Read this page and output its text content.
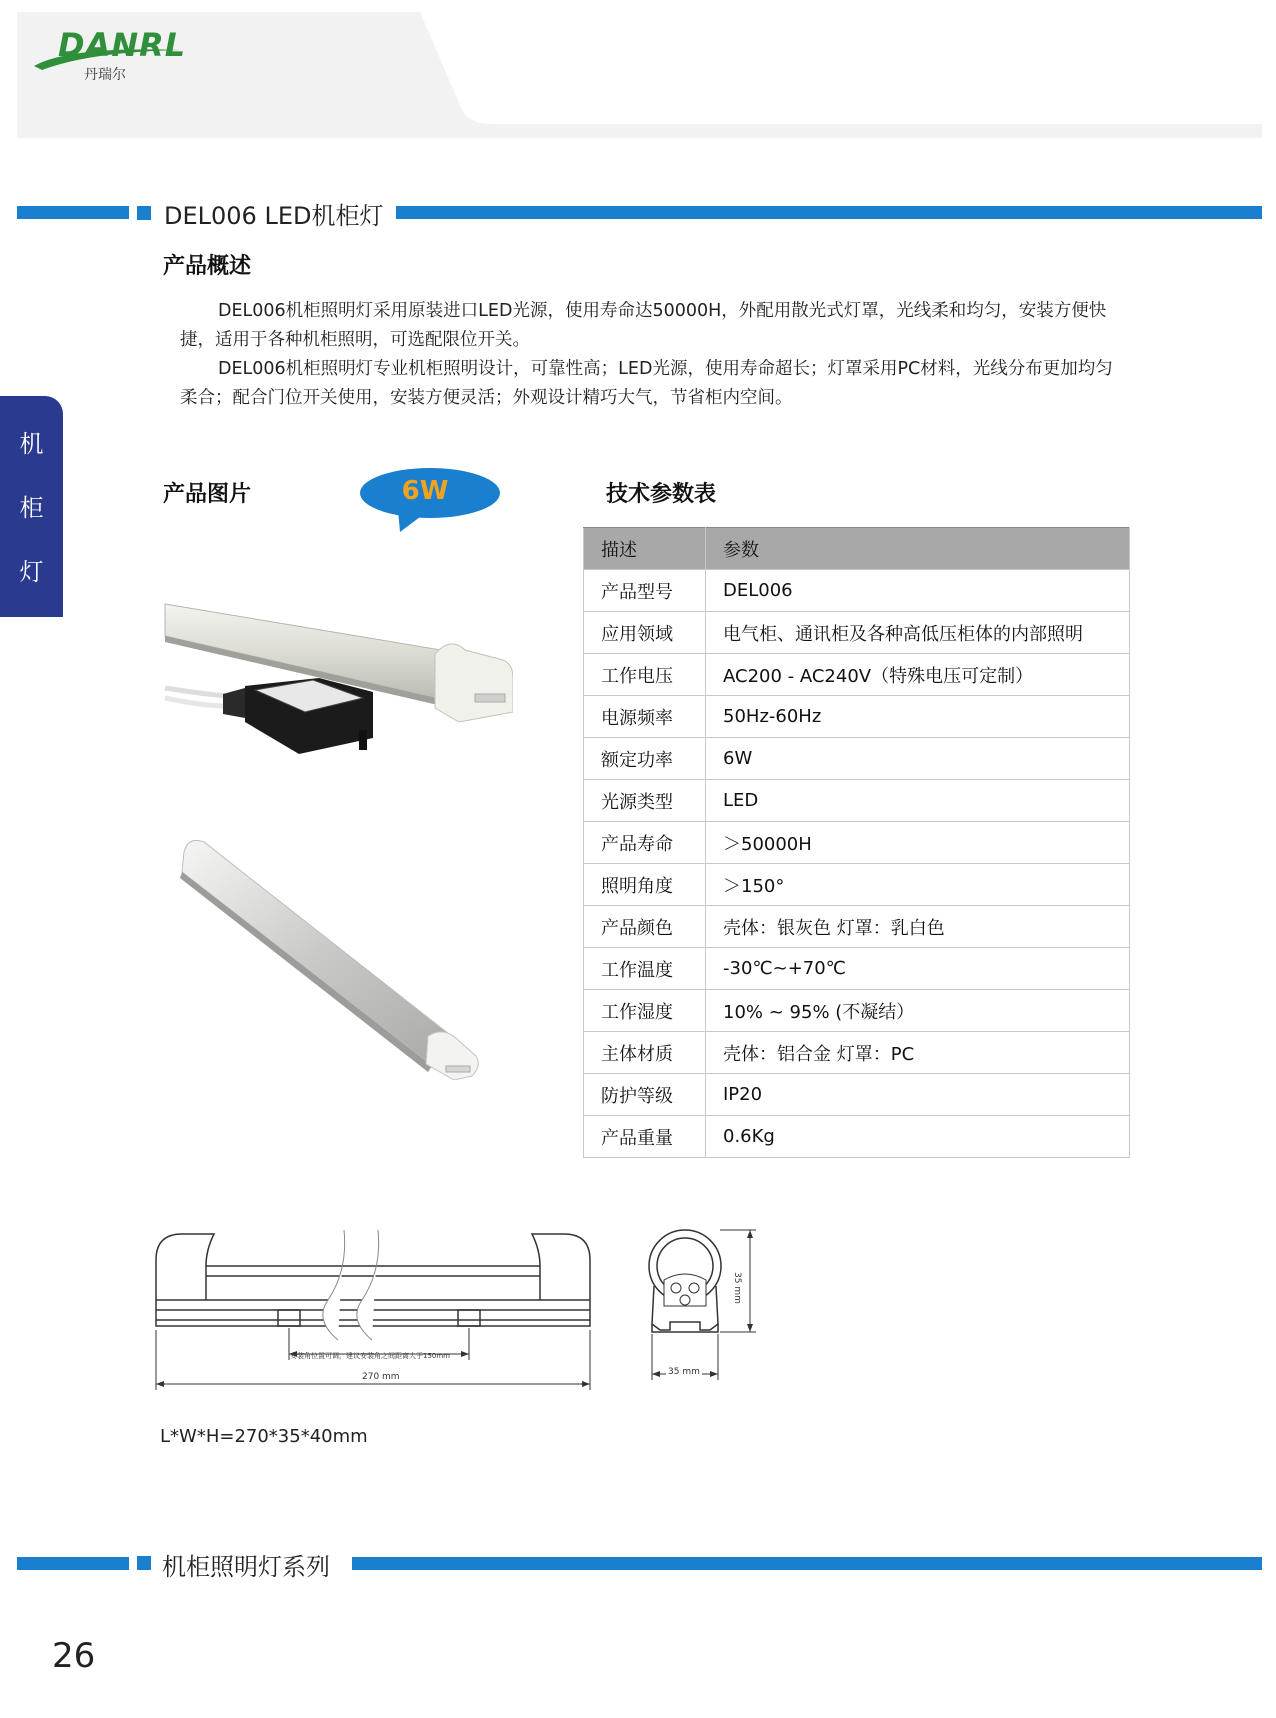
DANRL
丹瑞尔
DEL006 LED机柜灯
产品概述

DEL006机柜照明灯采用原装进口LED光源，使用寿命达50000H，外配用散光式灯罩，光线柔和均匀，安装方便快捷，适用于各种机柜照明，可选配限位开关。

DEL006机柜照明灯专业机柜照明设计，可靠性高；LED光源，使用寿命超长；灯罩采用PC材料，光线分布更加均匀柔合；配合门位开关使用，安装方便灵活；外观设计精巧大气，节省柜内空间。

机
柜
灯
产品图片	6W	技术参数表
描述	参数
产品型号	DEL006
应用领域	电气柜、通讯柜及各种高低压柜体的内部照明
工作电压	AC200 - AC240V（特殊电压可定制）
电源频率	50Hz-60Hz
额定功率	6W
光源类型	LED
产品寿命	＞50000H
照明角度	＞150°
产品颜色	壳体：银灰色 灯罩：乳白色
工作温度	-30℃~+70℃
工作湿度	10% ~ 95% (不凝结）
主体材质	壳体：铝合金 灯罩：PC
防护等级	IP20
产品重量	0.6Kg
安装角位置可调，建议安装角之间距离大于150mm
270 mm	35 mm
35 mm
L*W*H=270*35*40mm
机柜照明灯系列
26
